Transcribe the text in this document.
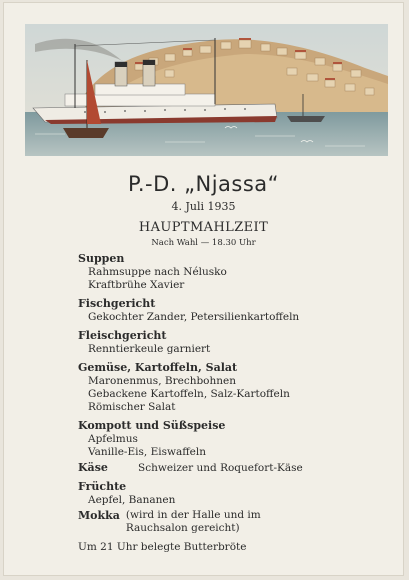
P.-D. „Njassa“
4. Juli 1935
HAUPTMAHLZEIT
Nach Wahl — 18.30 Uhr
Suppen
Rahmsuppe nach Nélusko
Kraftbrühe Xavier
Fischgericht
Gekochter Zander, Petersilienkartoffeln
Fleischgericht
Renntierkeule garniert
Gemüse, Kartoffeln, Salat
Maronenmus, Brechbohnen
Gebackene Kartoffeln, Salz-Kartoffeln
Römischer Salat
Kompott und Süßspeise
Apfelmus
Vanille-Eis, Eiswaffeln
Käse	Schweizer und Roquefort-Käse
Früchte
Aepfel, Bananen
Mokka (wird in der Halle und im Rauchsalon gereicht)
Um 21 Uhr belegte Butterbröte
